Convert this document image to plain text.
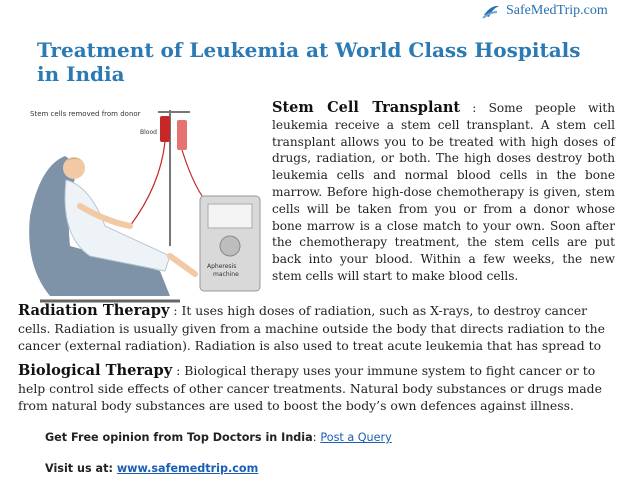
SafeMedTrip.com
Treatment of Leukemia at World Class Hospitals in India
Stem cells removed from donor
Blood
Apheresis
machine

Stem Cell Transplant : Some people with leukemia receive a stem cell transplant. A stem cell transplant allows you to be treated with high doses of drugs, radiation, or both. The high doses destroy both leukemia cells and normal blood cells in the bone marrow. Before high-dose chemotherapy is given, stem cells will be taken from you or from a donor whose bone marrow is a close match to your own. Soon after the chemotherapy treatment, the stem cells are put back into your blood. Within a few weeks, the new stem cells will start to make blood cells.

Radiation Therapy : It uses high doses of radiation, such as X-rays, to destroy cancer cells. Radiation is usually given from a machine outside the body that directs radiation to the cancer (external radiation). Radiation is also used to treat acute leukemia that has spread to

Biological Therapy : Biological therapy uses your immune system to fight cancer or to help control side effects of other cancer treatments. Natural body substances or drugs made from natural body substances are used to boost the body’s own defences against illness.

Get Free opinion from Top Doctors in India: Post a Query
Visit us at: www.safemedtrip.com
